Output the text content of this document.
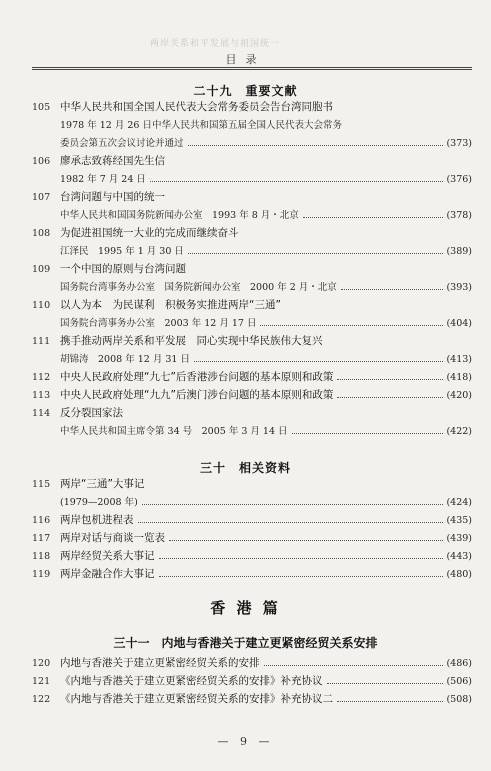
两岸关系和平发展与祖国统一
目录
二十九　重要文献
105 中华人民共和国全国人民代表大会常务委员会告台湾同胞书
1978 年 12 月 26 日中华人民共和国第五届全国人民代表大会常务
委员会第五次会议讨论并通过	(373)
106 廖承志致蒋经国先生信
1982 年 7 月 24 日	(376)
107 台湾问题与中国的统一
中华人民共和国国务院新闻办公室　1993 年 8 月・北京	(378)
108 为促进祖国统一大业的完成而继续奋斗
江泽民　1995 年 1 月 30 日	(389)
109 一个中国的原则与台湾问题
国务院台湾事务办公室　国务院新闻办公室　2000 年 2 月・北京	(393)
110 以人为本　为民谋利　积极务实推进两岸“三通”
国务院台湾事务办公室　2003 年 12 月 17 日	(404)
111 携手推动两岸关系和平发展　同心实现中华民族伟大复兴
胡锦涛　2008 年 12 月 31 日	(413)
112 中央人民政府处理“九七”后香港涉台问题的基本原则和政策	(418)
113 中央人民政府处理“九九”后澳门涉台问题的基本原则和政策	(420)
114 反分裂国家法
中华人民共和国主席令第 34 号　2005 年 3 月 14 日	(422)
三十　相关资料
115 两岸“三通”大事记
(1979—2008 年)	(424)
116 两岸包机进程表	(435)
117 两岸对话与商谈一览表	(439)
118 两岸经贸关系大事记	(443)
119 两岸金融合作大事记	(480)
香 港 篇
三十一　内地与香港关于建立更紧密经贸关系安排
120 内地与香港关于建立更紧密经贸关系的安排	(486)
121 《内地与香港关于建立更紧密经贸关系的安排》补充协议	(506)
122 《内地与香港关于建立更紧密经贸关系的安排》补充协议二	(508)
— 9 —
